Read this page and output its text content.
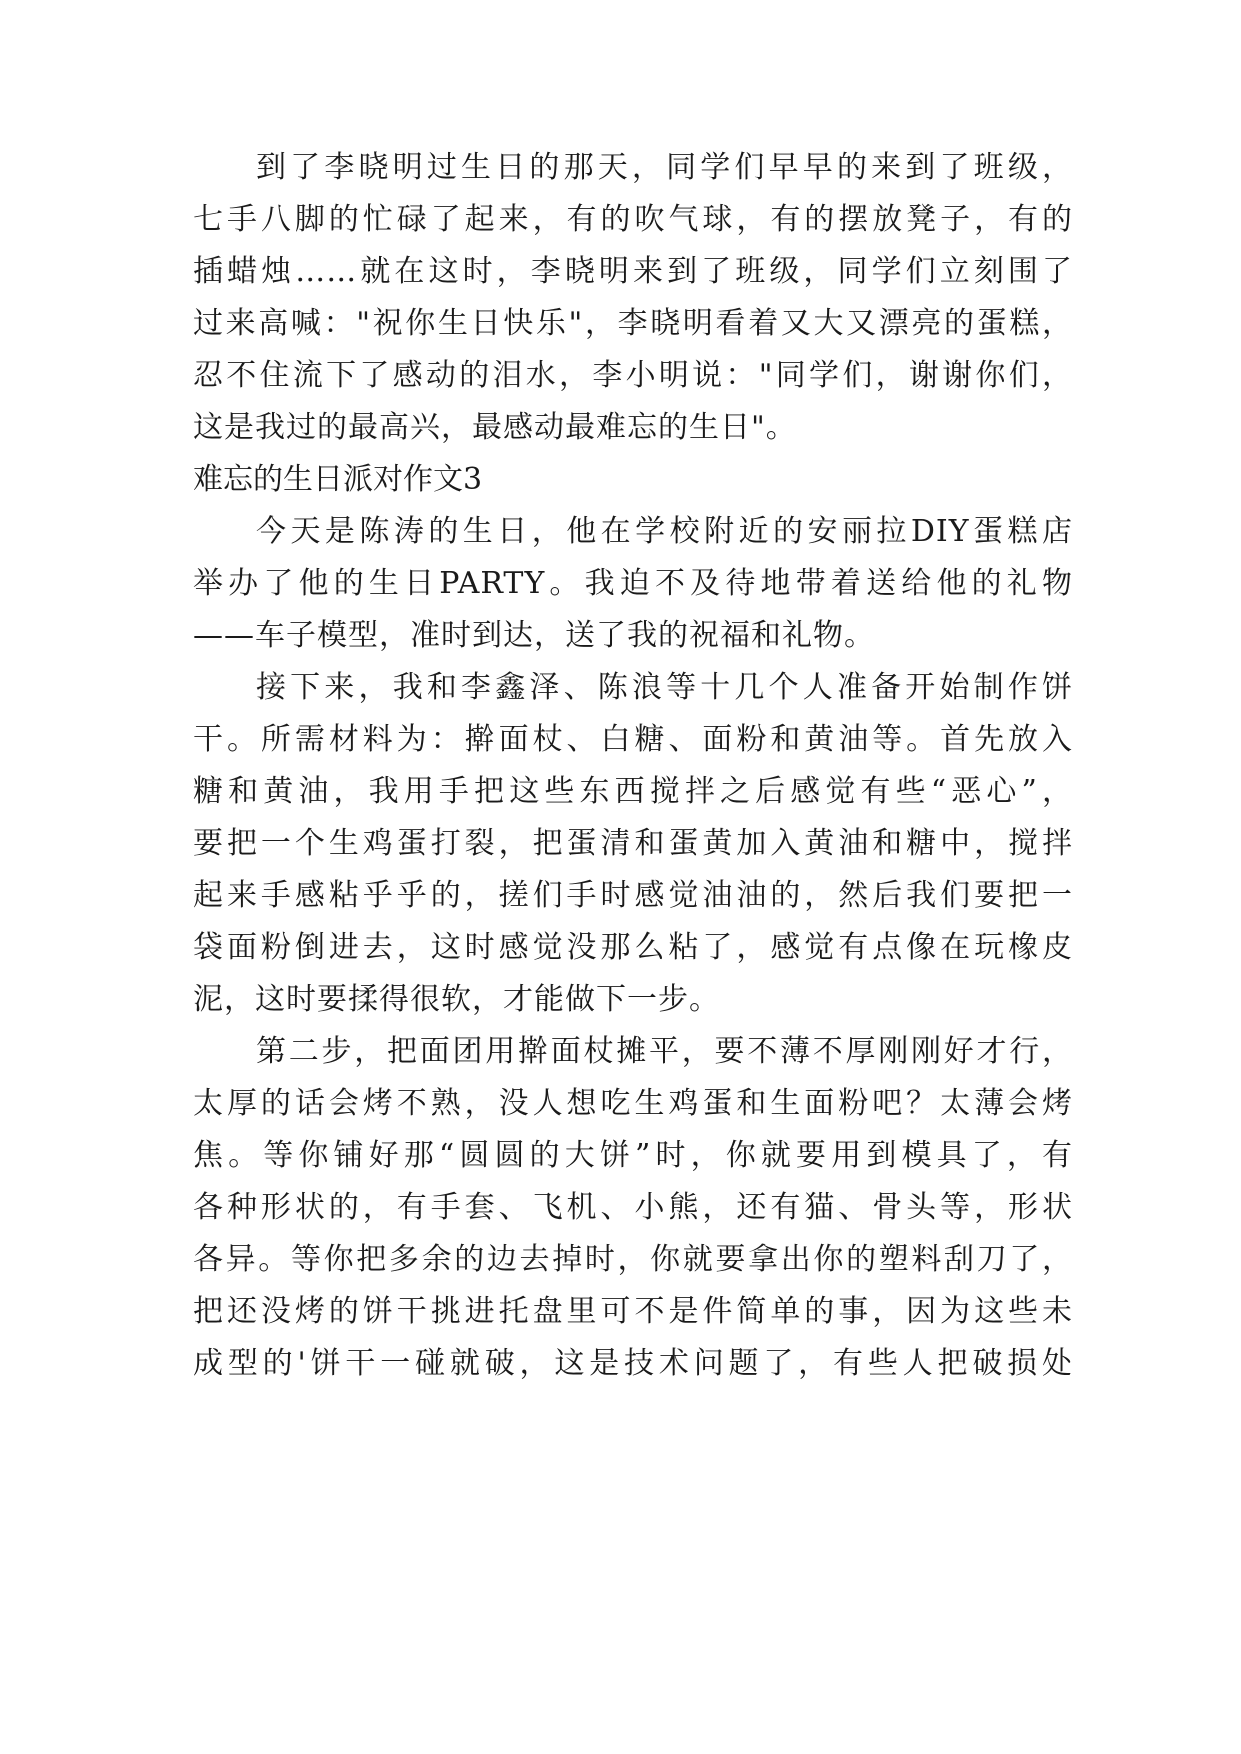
到了李晓明过生日的那天，同学们早早的来到了班级，
七手八脚的忙碌了起来，有的吹气球，有的摆放凳子，有的
插蜡烛……就在这时，李晓明来到了班级，同学们立刻围了
过来高喊："祝你生日快乐"，李晓明看着又大又漂亮的蛋糕，
忍不住流下了感动的泪水，李小明说："同学们，谢谢你们，
这是我过的最高兴，最感动最难忘的生日"。
难忘的生日派对作文3
今天是陈涛的生日，他在学校附近的安丽拉DIY蛋糕店
举办了他的生日PARTY。我迫不及待地带着送给他的礼物
——车子模型，准时到达，送了我的祝福和礼物。
接下来，我和李鑫泽、陈浪等十几个人准备开始制作饼
干。所需材料为：擀面杖、白糖、面粉和黄油等。首先放入
糖和黄油，我用手把这些东西搅拌之后感觉有些“恶心”，
要把一个生鸡蛋打裂，把蛋清和蛋黄加入黄油和糖中，搅拌
起来手感粘乎乎的，搓们手时感觉油油的，然后我们要把一
袋面粉倒进去，这时感觉没那么粘了，感觉有点像在玩橡皮
泥，这时要揉得很软，才能做下一步。
第二步，把面团用擀面杖摊平，要不薄不厚刚刚好才行，
太厚的话会烤不熟，没人想吃生鸡蛋和生面粉吧？太薄会烤
焦。等你铺好那“圆圆的大饼”时，你就要用到模具了，有
各种形状的，有手套、飞机、小熊，还有猫、骨头等，形状
各异。等你把多余的边去掉时，你就要拿出你的塑料刮刀了，
把还没烤的饼干挑进托盘里可不是件简单的事，因为这些未
成型的'饼干一碰就破，这是技术问题了，有些人把破损处
